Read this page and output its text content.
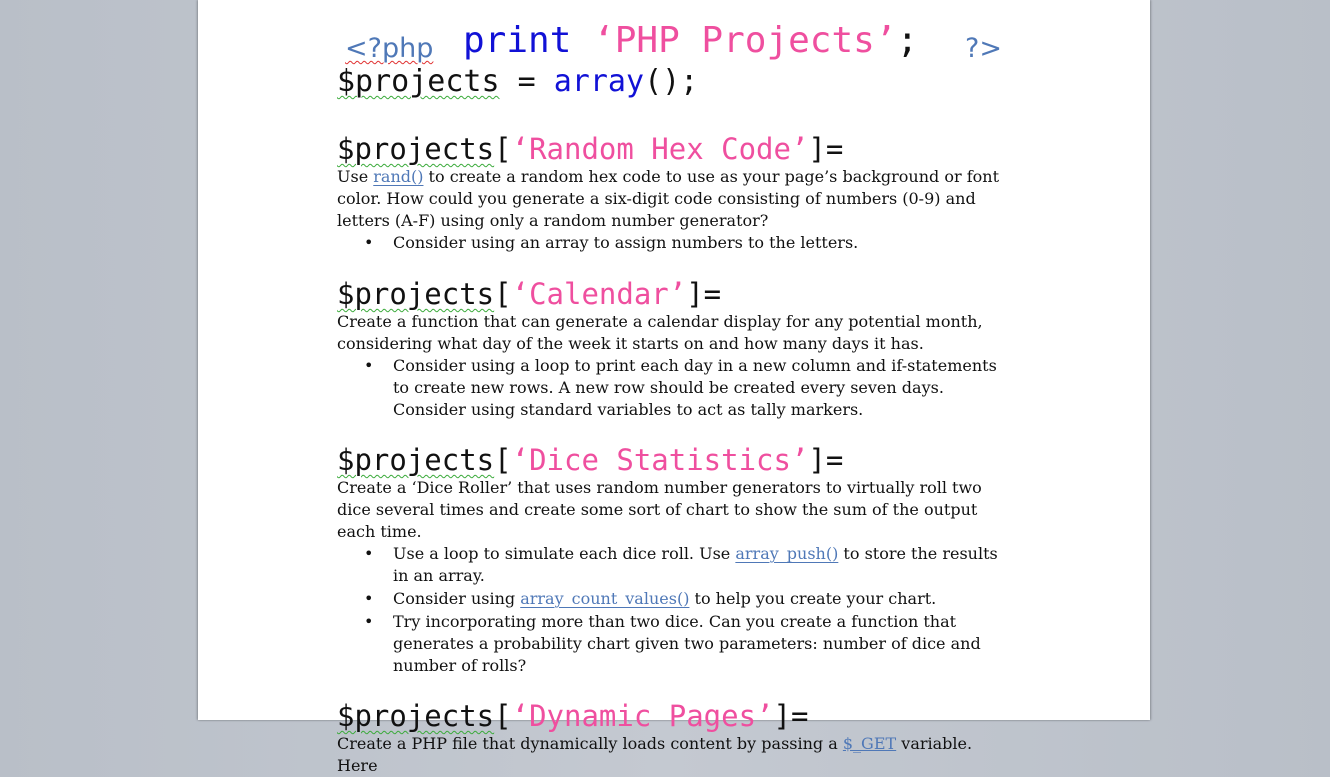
<?php print ‘PHP Projects’; ?>
$projects = array();
$projects[‘Random Hex Code’]=

Use rand() to create a random hex code to use as your page’s background or font color. How could you generate a six-digit code consisting of numbers (0-9) and letters (A-F) using only a random number generator?

• Consider using an array to assign numbers to the letters.
$projects[‘Calendar’]=

Create a function that can generate a calendar display for any potential month, considering what day of the week it starts on and how many days it has.

• Consider using a loop to print each day in a new column and if-statements to create new rows. A new row should be created every seven days. Consider using standard variables to act as tally markers.
$projects[‘Dice Statistics’]=

Create a ‘Dice Roller’ that uses random number generators to virtually roll two dice several times and create some sort of chart to show the sum of the output each time.

• Use a loop to simulate each dice roll. Use array_push() to store the results in an array.
• Consider using array_count_values() to help you create your chart.
• Try incorporating more than two dice. Can you create a function that generates a probability chart given two parameters: number of dice and number of rolls?
$projects[‘Dynamic Pages’]=

Create a PHP file that dynamically loads content by passing a $_GET variable. Here
